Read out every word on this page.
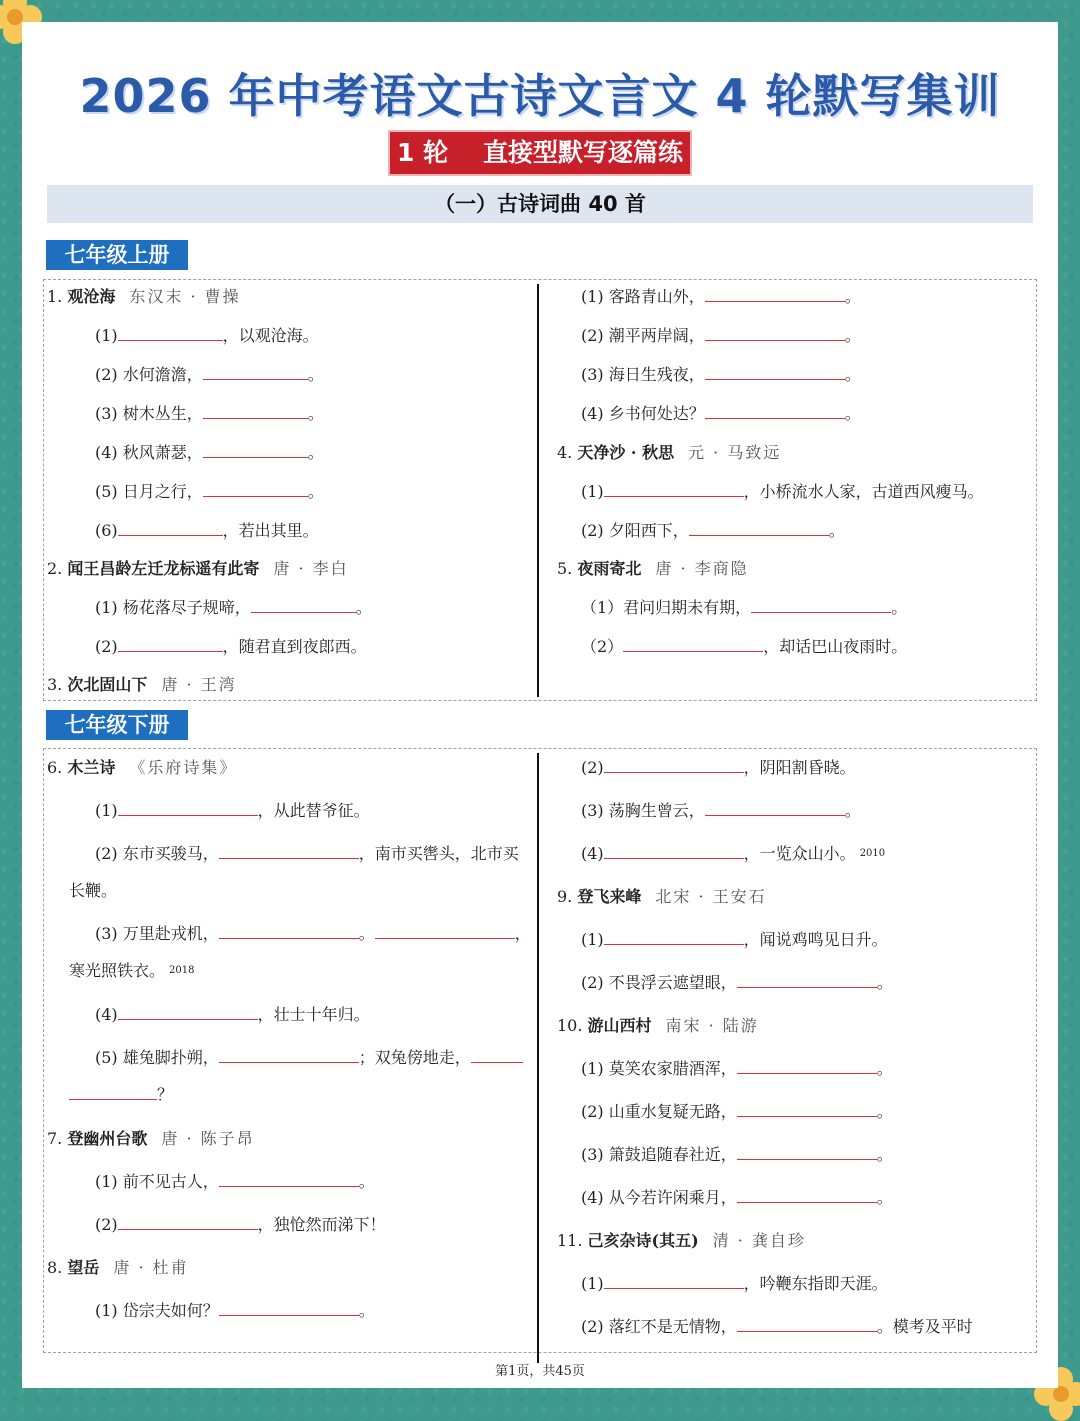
2026 年中考语文古诗文言文 4 轮默写集训
1 轮    直接型默写逐篇练
（一）古诗词曲 40 首
七年级上册
1. 观沧海 东汉末 · 曹操
(1)	，以观沧海。
(2) 水何澹澹，	。
(3) 树木丛生，	。
(4) 秋风萧瑟，	。
(5) 日月之行，	。
(6)	，若出其里。
2. 闻王昌龄左迁龙标遥有此寄 唐 · 李白
(1) 杨花落尽子规啼，	。
(2)	，随君直到夜郎西。
3. 次北固山下 唐 · 王湾
(1) 客路青山外，	。
(2) 潮平两岸阔，	。
(3) 海日生残夜，	。
(4) 乡书何处达？	。
4. 天净沙 · 秋思 元 · 马致远
(1)	，小桥流水人家，古道西风瘦马。
(2) 夕阳西下，	。
5. 夜雨寄北 唐 · 李商隐
（1）君问归期未有期，	。
（2）	，却话巴山夜雨时。
七年级下册
6. 木兰诗 《乐府诗集》
(1)	，从此替爷征。
(2) 东市买骏马，	，南市买辔头，北市买
长鞭。
(3) 万里赴戎机，	。	，
寒光照铁衣。 $^{2018}$
(4)	，壮士十年归。
(5) 雄兔脚扑朔，	；双兔傍地走，
？
7. 登幽州台歌 唐 · 陈子昂
(1) 前不见古人，	。
(2)	，独怆然而涕下！
8. 望岳 唐 · 杜甫
(1) 岱宗夫如何？	。
(2)	，阴阳割昏晓。
(3) 荡胸生曾云，	。
(4)	，一览众山小。 $^{2010}$
9. 登飞来峰 北宋 · 王安石
(1)	，闻说鸡鸣见日升。
(2) 不畏浮云遮望眼，	。
10. 游山西村 南宋 · 陆游
(1) 莫笑农家腊酒浑，	。
(2) 山重水复疑无路，	。
(3) 箫鼓追随春社近，	。
(4) 从今若许闲乘月，	。
11. 己亥杂诗(其五) 清 · 龚自珍
(1)	，吟鞭东指即天涯。
(2) 落红不是无情物，	。模考及平时
第1页，共45页
